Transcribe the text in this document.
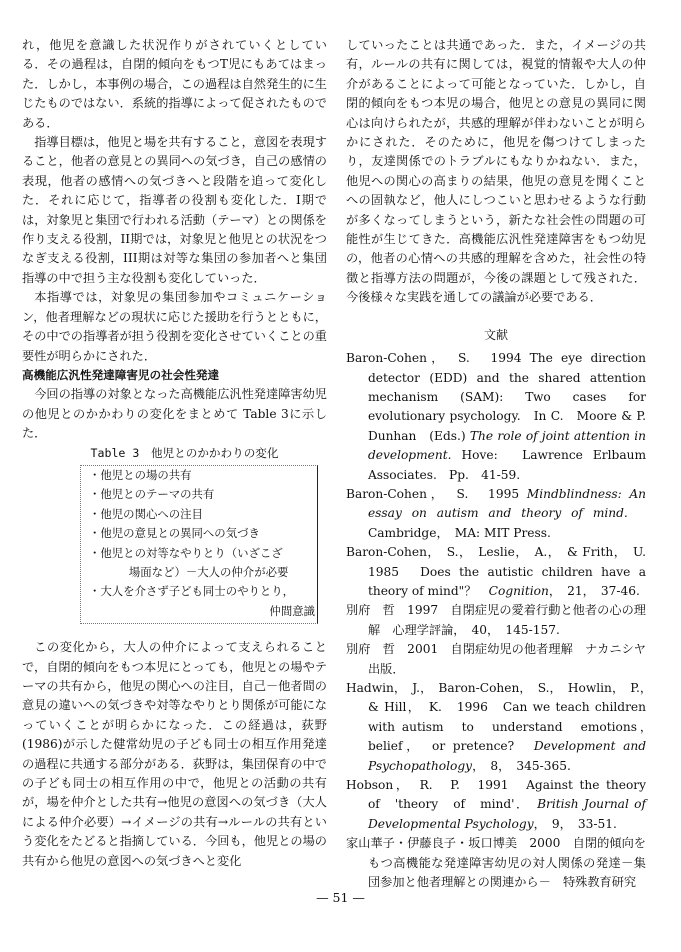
れ，他児を意識した状況作りがされていくとしている．その過程は，自閉的傾向をもつT児にもあてはまった．しかし，本事例の場合，この過程は自然発生的に生じたものではない．系統的指導によって促されたものである．

指導目標は，他児と場を共有すること，意図を表現すること，他者の意見との異同への気づき，自己の感情の表現，他者の感情への気づきへと段階を追って変化した．それに応じて，指導者の役割も変化した．I期では，対象児と集団で行われる活動（テーマ）との関係を作り支える役割，II期では，対象児と他児との状況をつなぎ支える役割，III期は対等な集団の参加者へと集団指導の中で担う主な役割も変化していった．

本指導では，対象児の集団参加やコミュニケーション，他者理解などの現状に応じた援助を行うとともに，その中での指導者が担う役割を変化させていくことの重要性が明らかにされた．

高機能広汎性発達障害児の社会性発達

今回の指導の対象となった高機能広汎性発達障害幼児の他児とのかかわりの変化をまとめて Table 3に示した．

Table 3　他児とのかかわりの変化

・他児との場の共有

・他児とのテーマの共有

・他児の関心への注目

・他児の意見との異同への気づき

・他児との対等なやりとり（いざこざ
場面など）－大人の仲介が必要

・大人を介さず子ども同士のやりとり，
仲間意識

この変化から，大人の仲介によって支えられることで，自閉的傾向をもつ本児にとっても，他児との場やテーマの共有から，他児の関心への注目，自己－他者間の意見の違いへの気づきや対等なやりとり関係が可能になっていくことが明らかになった．この経過は，荻野(1986)が示した健常幼児の子ども同士の相互作用発達の過程に共通する部分がある．荻野は，集団保育の中での子ども同士の相互作用の中で，他児との活動の共有が，場を仲介とした共有→他児の意図への気づき（大人による仲介必要）→イメージの共有→ルールの共有という変化をたどると指摘している．今回も，他児との場の共有から他児の意図への気づきへと変化

していったことは共通であった．また，イメージの共有，ルールの共有に関しては，視覚的情報や大人の仲介があることによって可能となっていた．しかし，自閉的傾向をもつ本児の場合，他児との意見の異同に関心は向けられたが，共感的理解が伴わないことが明らかにされた．そのために，他児を傷つけてしまったり，友達関係でのトラブルにもなりかねない．また，他児への関心の高まりの結果，他児の意見を聞くことへの固執など，他人にしつこいと思わせるような行動が多くなってしまうという，新たな社会性の問題の可能性が生じてきた．高機能広汎性発達障害をもつ幼児の，他者の心情への共感的理解を含めた，社会性の特徴と指導方法の問題が，今後の課題として残された．今後様々な実践を通しての議論が必要である．

文献

Baron-Cohen，　S.　1994 The eye direction detector (EDD) and the shared attention mechanism (SAM): Two cases for evolutionary psychology.　In C.　Moore & P.　Dunhan　(Eds.) The role of joint attention in development. Hove:　Lawrence Erlbaum　Associates.　Pp.　41-59.

Baron-Cohen，　S.　1995 Mindblindness: An essay on autism and theory of mind.　Cambridge，　MA: MIT Press.

Baron-Cohen，　S.，　Leslie，　A.，　& Frith，　U.　1985　Does the autistic children have a theory of mind"？　Cognition，　21，　37-46.

別府　哲　1997　自閉症児の愛着行動と他者の心の理解　心理学評論，　40，　145-157.

別府　哲　2001　自閉症幼児の他者理解　ナカニシヤ出版．

Hadwin，　J.，　Baron-Cohen，　S.，　Howlin，　P.，　& Hill，　K.　1996　Can we teach children with autism　to　understand　emotions，　belief，　or pretence?　Development and Psychopathology，　8，　345-365.

Hobson，　R.　P.　1991　Against the theory of　'theory　of　mind'．　British Journal of Developmental Psychology，　9，　33-51.

家山華子・伊藤良子・坂口博美　2000　自閉的傾向をもつ高機能な発達障害幼児の対人関係の発達－集団参加と他者理解との関連から－　特殊教育研究

— 51 —
